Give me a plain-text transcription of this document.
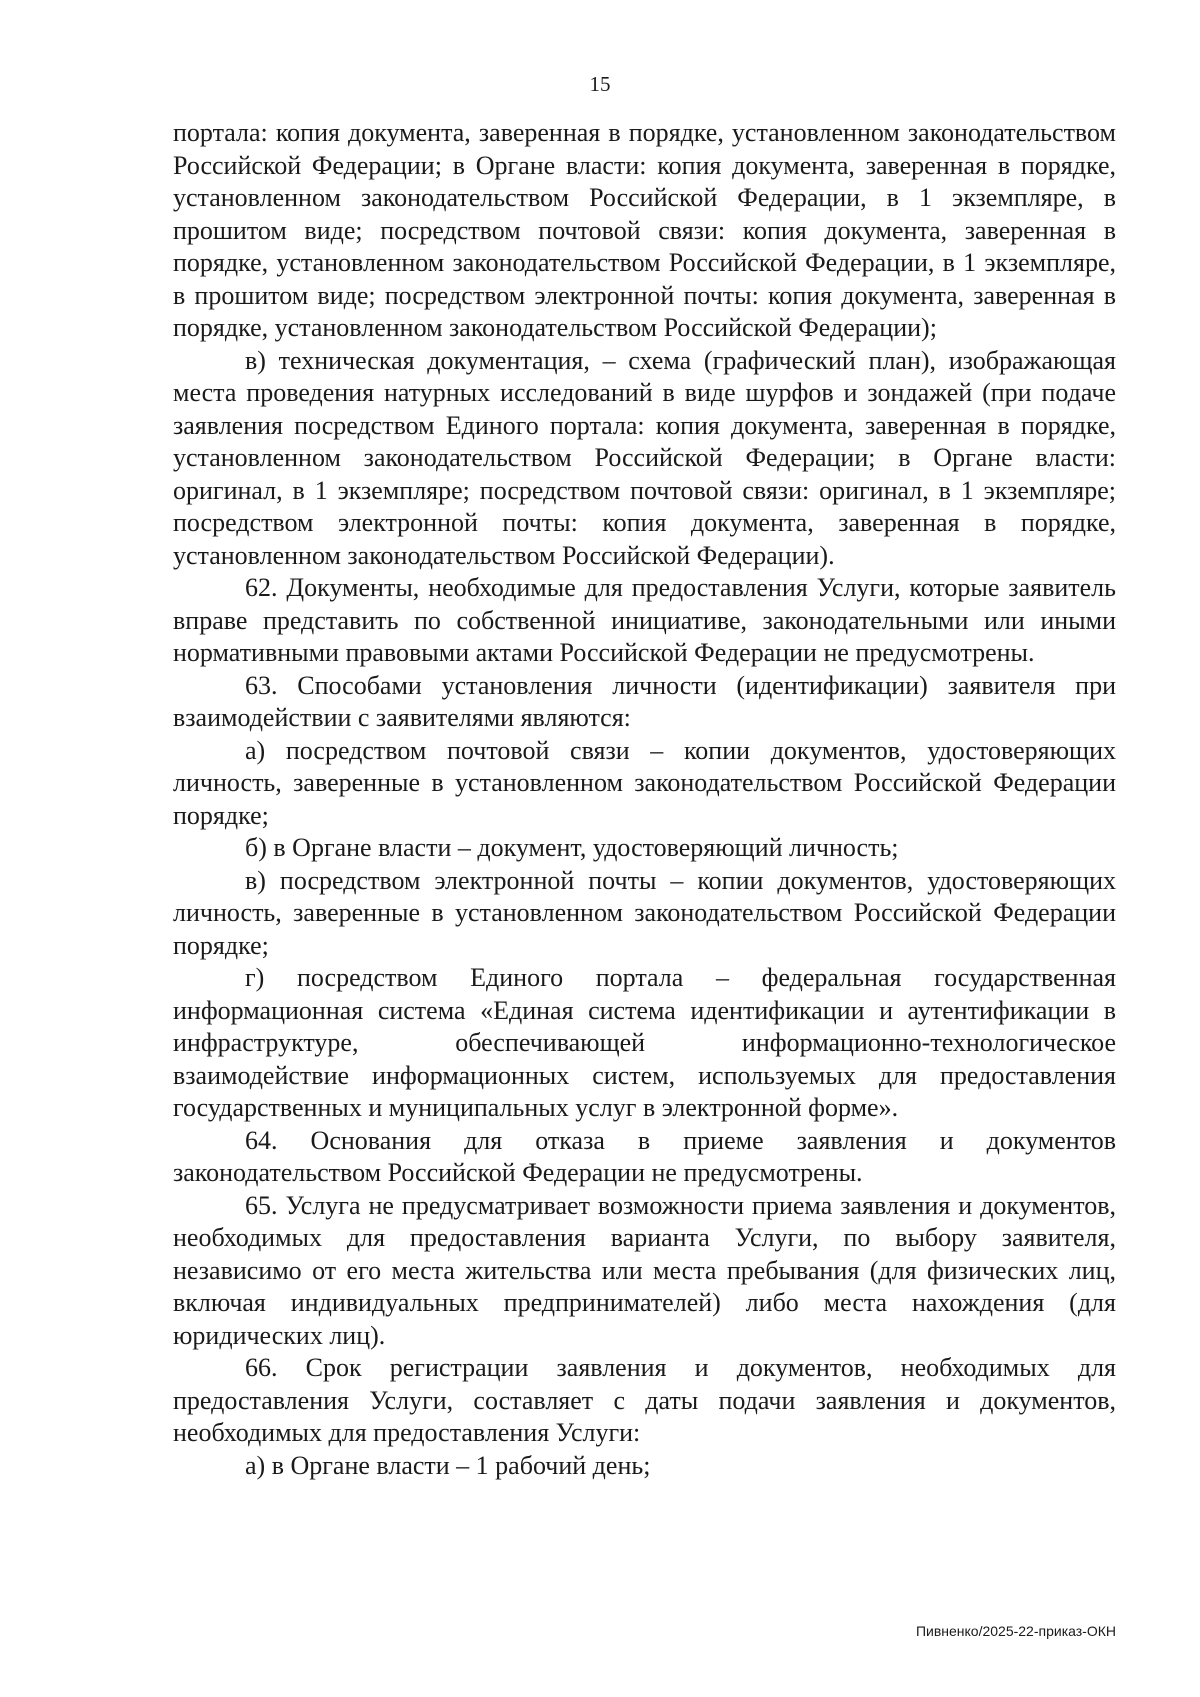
15

портала: копия документа, заверенная в порядке, установленном законодательством Российской Федерации; в Органе власти: копия документа, заверенная в порядке, установленном законодательством Российской Федерации, в 1 экземпляре, в прошитом виде; посредством почтовой связи: копия документа, заверенная в порядке, установленном законодательством Российской Федерации, в 1 экземпляре, в прошитом виде; посредством электронной почты: копия документа, заверенная в порядке, установленном законодательством Российской Федерации);

в) техническая документация, – схема (графический план), изображающая места проведения натурных исследований в виде шурфов и зондажей (при подаче заявления посредством Единого портала: копия документа, заверенная в порядке, установленном законодательством Российской Федерации; в Органе власти: оригинал, в 1 экземпляре; посредством почтовой связи: оригинал, в 1 экземпляре; посредством электронной почты: копия документа, заверенная в порядке, установленном законодательством Российской Федерации).

62. Документы, необходимые для предоставления Услуги, которые заявитель вправе представить по собственной инициативе, законодательными или иными нормативными правовыми актами Российской Федерации не предусмотрены.

63. Способами установления личности (идентификации) заявителя при взаимодействии с заявителями являются:

а) посредством почтовой связи – копии документов, удостоверяющих личность, заверенные в установленном законодательством Российской Федерации порядке;

б) в Органе власти – документ, удостоверяющий личность;

в) посредством электронной почты – копии документов, удостоверяющих личность, заверенные в установленном законодательством Российской Федерации порядке;

г) посредством Единого портала – федеральная государственная информационная система «Единая система идентификации и аутентификации в инфраструктуре, обеспечивающей информационно-технологическое взаимодействие информационных систем, используемых для предоставления государственных и муниципальных услуг в электронной форме».

64. Основания для отказа в приеме заявления и документов законодательством Российской Федерации не предусмотрены.

65. Услуга не предусматривает возможности приема заявления и документов, необходимых для предоставления варианта Услуги, по выбору заявителя, независимо от его места жительства или места пребывания (для физических лиц, включая индивидуальных предпринимателей) либо места нахождения (для юридических лиц).

66. Срок регистрации заявления и документов, необходимых для предоставления Услуги, составляет с даты подачи заявления и документов, необходимых для предоставления Услуги:

а) в Органе власти – 1 рабочий день;

Пивненко/2025-22-приказ-ОКН
